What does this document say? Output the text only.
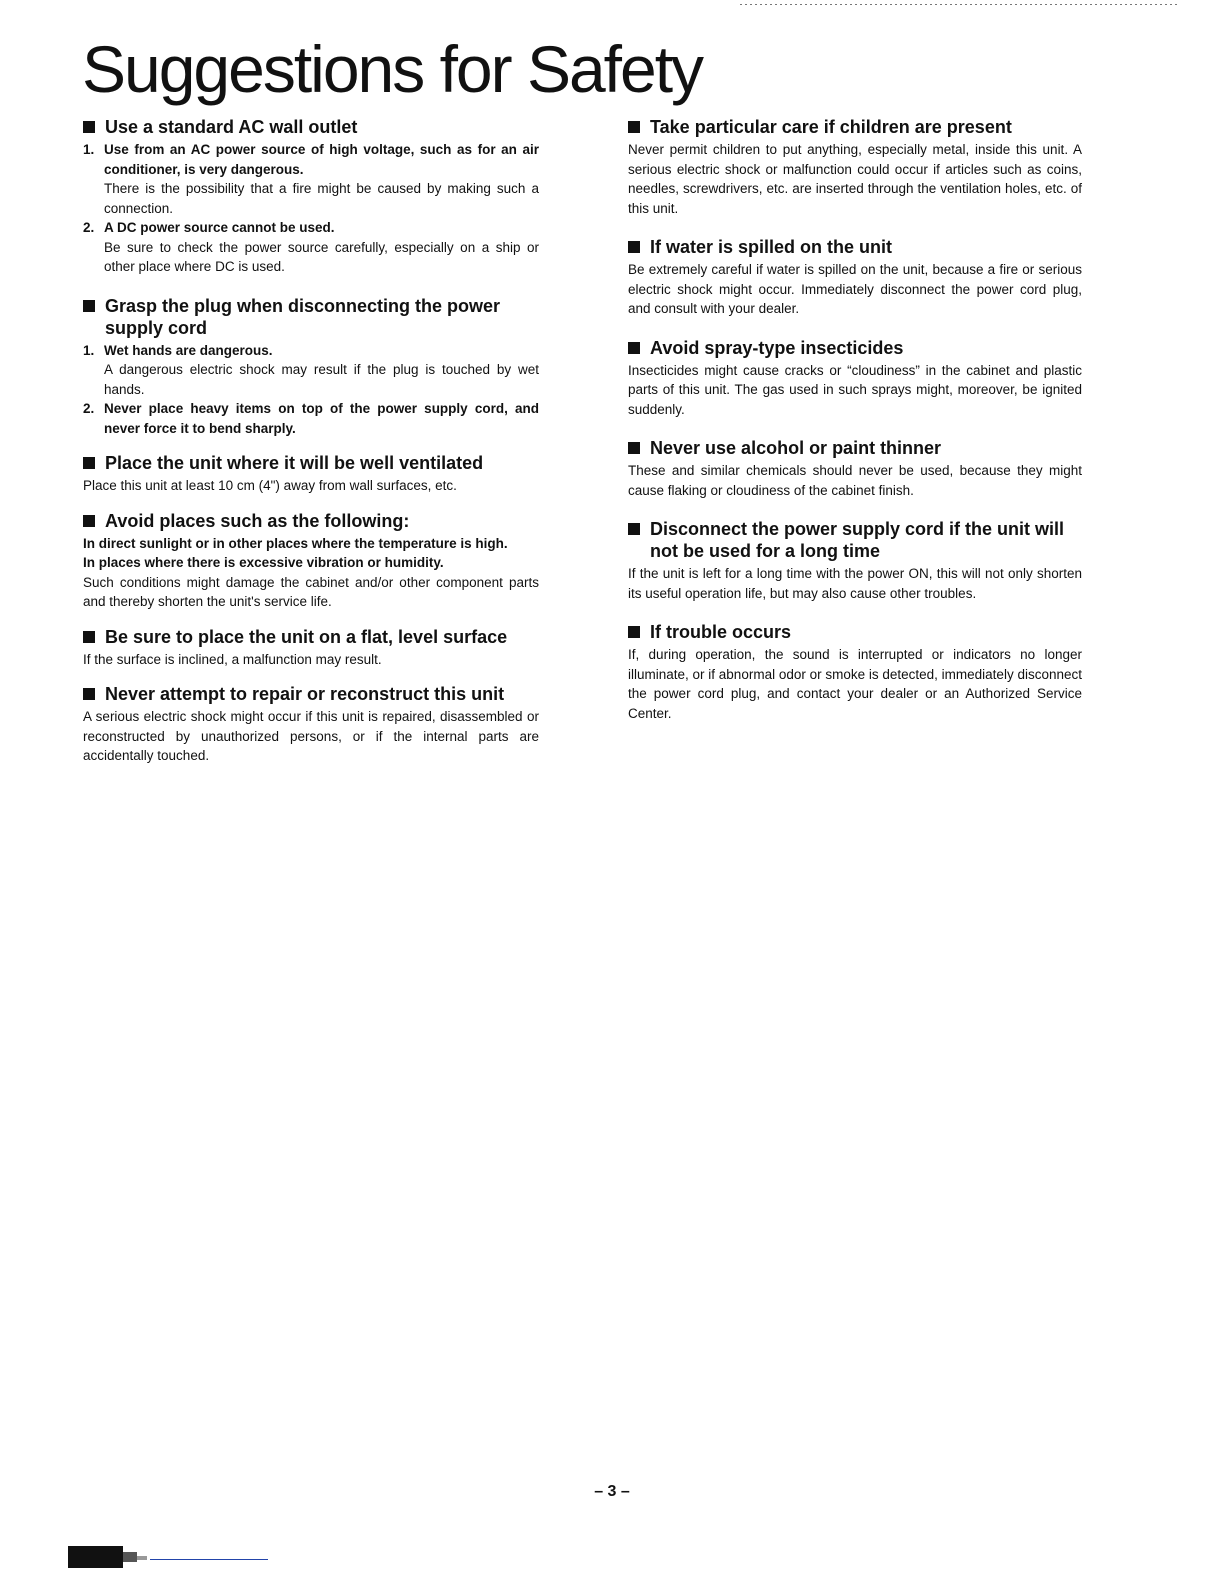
Suggestions for Safety
Use a standard AC wall outlet
1. Use from an AC power source of high voltage, such as for an air conditioner, is very dangerous.

There is the possibility that a fire might be caused by making such a connection.

2. A DC power source cannot be used.

Be sure to check the power source carefully, especially on a ship or other place where DC is used.

Grasp the plug when disconnecting the power supply cord
1. Wet hands are dangerous.

A dangerous electric shock may result if the plug is touched by wet hands.

2. Never place heavy items on top of the power supply cord, and never force it to bend sharply.

Place the unit where it will be well ventilated

Place this unit at least 10 cm (4") away from wall surfaces, etc.

Avoid places such as the following:

In direct sunlight or in other places where the temperature is high.

In places where there is excessive vibration or humidity.

Such conditions might damage the cabinet and/or other component parts and thereby shorten the unit's service life.

Be sure to place the unit on a flat, level surface

If the surface is inclined, a malfunction may result.

Never attempt to repair or reconstruct this unit

A serious electric shock might occur if this unit is repaired, disassembled or reconstructed by unauthorized persons, or if the internal parts are accidentally touched.

Take particular care if children are present

Never permit children to put anything, especially metal, inside this unit. A serious electric shock or malfunction could occur if articles such as coins, needles, screwdrivers, etc. are inserted through the ventilation holes, etc. of this unit.

If water is spilled on the unit

Be extremely careful if water is spilled on the unit, because a fire or serious electric shock might occur. Immediately disconnect the power cord plug, and consult with your dealer.

Avoid spray-type insecticides

Insecticides might cause cracks or “cloudiness” in the cabinet and plastic parts of this unit. The gas used in such sprays might, moreover, be ignited suddenly.

Never use alcohol or paint thinner

These and similar chemicals should never be used, because they might cause flaking or cloudiness of the cabinet finish.

Disconnect the power supply cord if the unit will not be used for a long time

If the unit is left for a long time with the power ON, this will not only shorten its useful operation life, but may also cause other troubles.

If trouble occurs

If, during operation, the sound is interrupted or indicators no longer illuminate, or if abnormal odor or smoke is detected, immediately disconnect the power cord plug, and contact your dealer or an Authorized Service Center.

– 3 –
